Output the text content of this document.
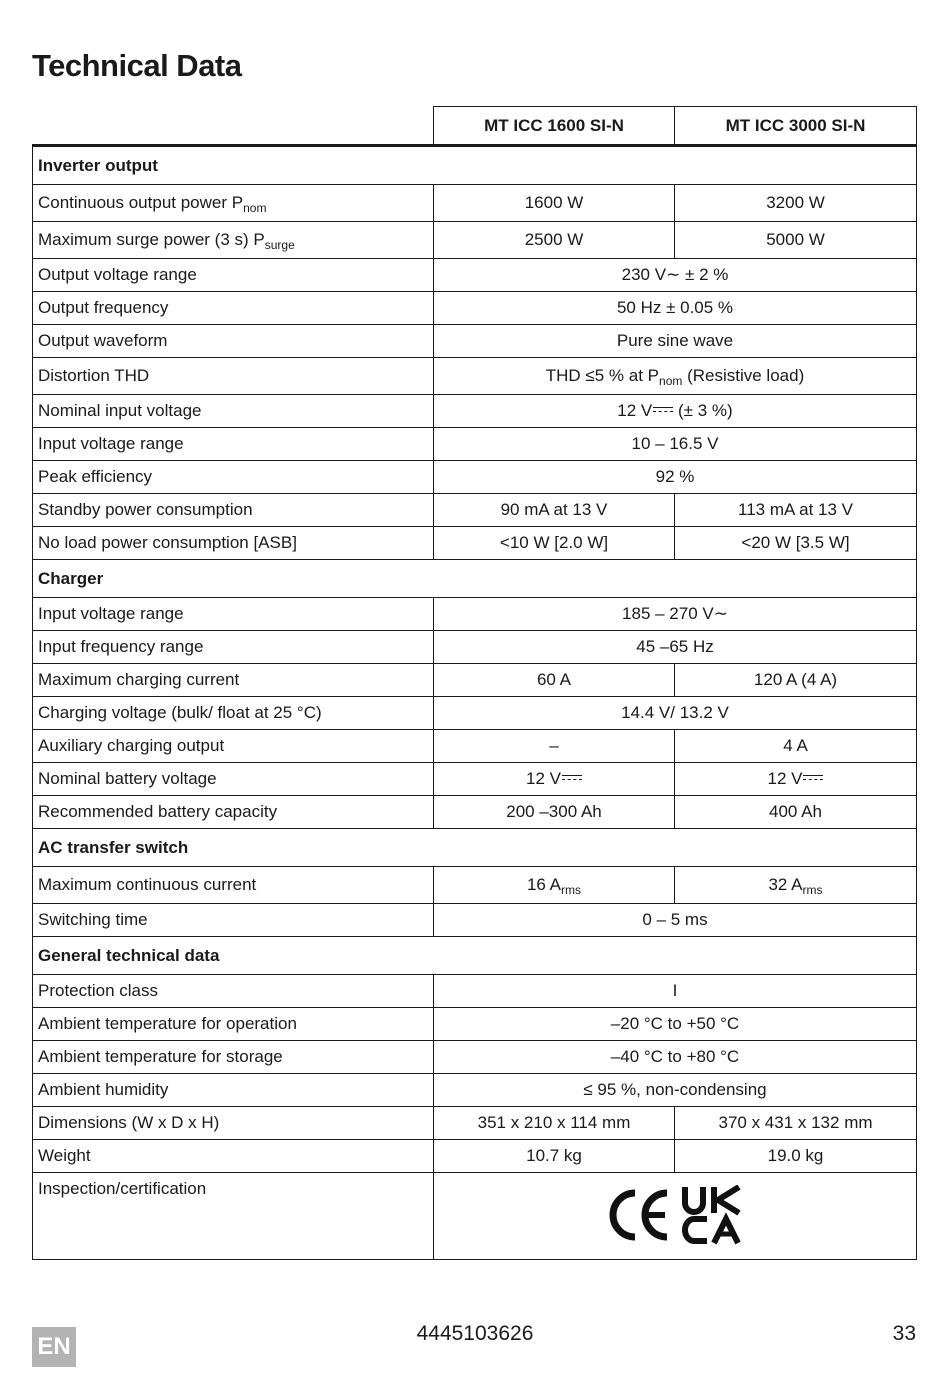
Technical Data
	MT ICC 1600 SI-N	MT ICC 3000 SI-N
Inverter output		
Continuous output power $P_{nom}$	1600 W	3200 W
Maximum surge power (3 s) $P_{surge}$	2500 W	5000 W
Output voltage range	230 V∼ ± 2 %	
Output frequency	50 Hz ± 0.05 %	
Output waveform	Pure sine wave	
Distortion THD	THD ≤5 % at $P_{nom}$ (Resistive load)	
Nominal input voltage	12 V (± 3 %)	
Input voltage range	10 – 16.5 V	
Peak efficiency	92 %	
Standby power consumption	90 mA at 13 V	113 mA at 13 V
No load power consumption [ASB]	<10 W [2.0 W]	<20 W [3.5 W]
Charger		
Input voltage range	185 – 270 V∼	
Input frequency range	45 –65 Hz	
Maximum charging current	60 A	120 A (4 A)
Charging voltage (bulk/ float at 25 °C)	14.4 V/ 13.2 V	
Auxiliary charging output	–	4 A
Nominal battery voltage	12 V	12 V
Recommended battery capacity	200 –300 Ah	400 Ah
AC transfer switch		
Maximum continuous current	16 $A_{rms}$	32 $A_{rms}$
Switching time	0 – 5 ms	
General technical data		
Protection class	I	
Ambient temperature for operation	–20 °C to +50 °C	
Ambient temperature for storage	–40 °C to +80 °C	
Ambient humidity	≤ 95 %, non-condensing	
Dimensions (W x D x H)	351 x 210 x 114 mm	370 x 431 x 132 mm
Weight	10.7 kg	19.0 kg
Inspection/certification	
EN	4445103626	33
